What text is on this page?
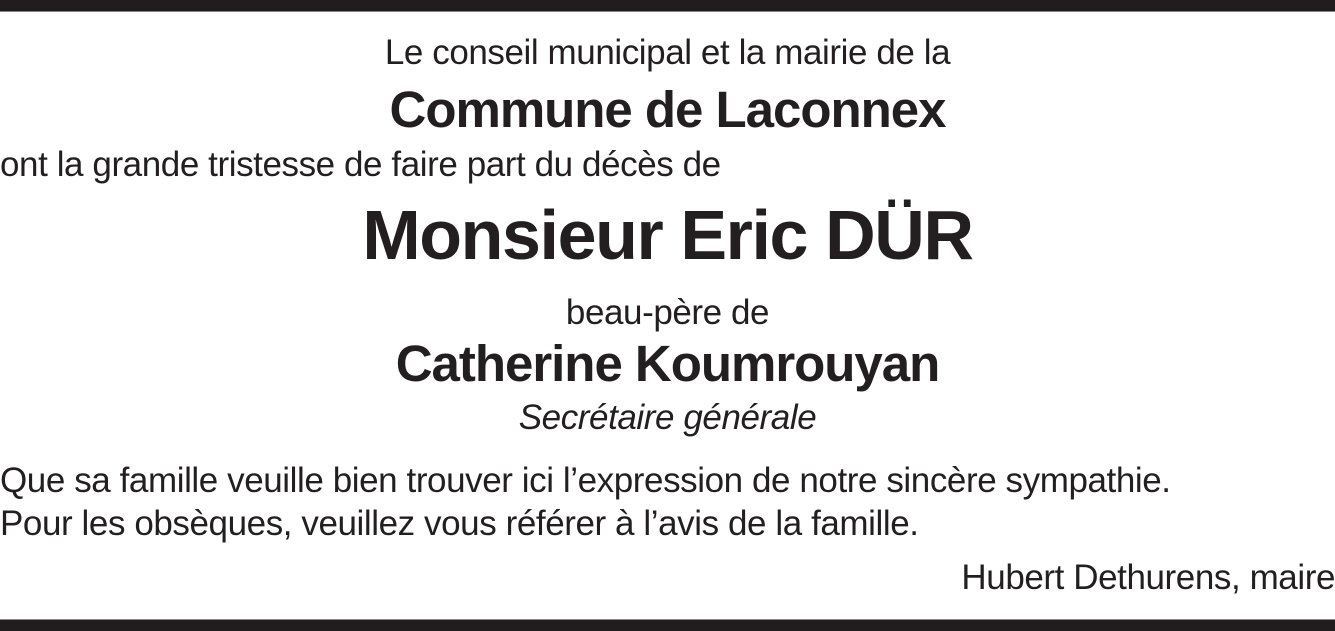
Le conseil municipal et la mairie de la
Commune de Laconnex
ont la grande tristesse de faire part du décès de
Monsieur Eric DÜR
beau-père de
Catherine Koumrouyan
Secrétaire générale
Que sa famille veuille bien trouver ici l’expression de notre sincère sympathie.
Pour les obsèques, veuillez vous référer à l’avis de la famille.
Hubert Dethurens, maire
